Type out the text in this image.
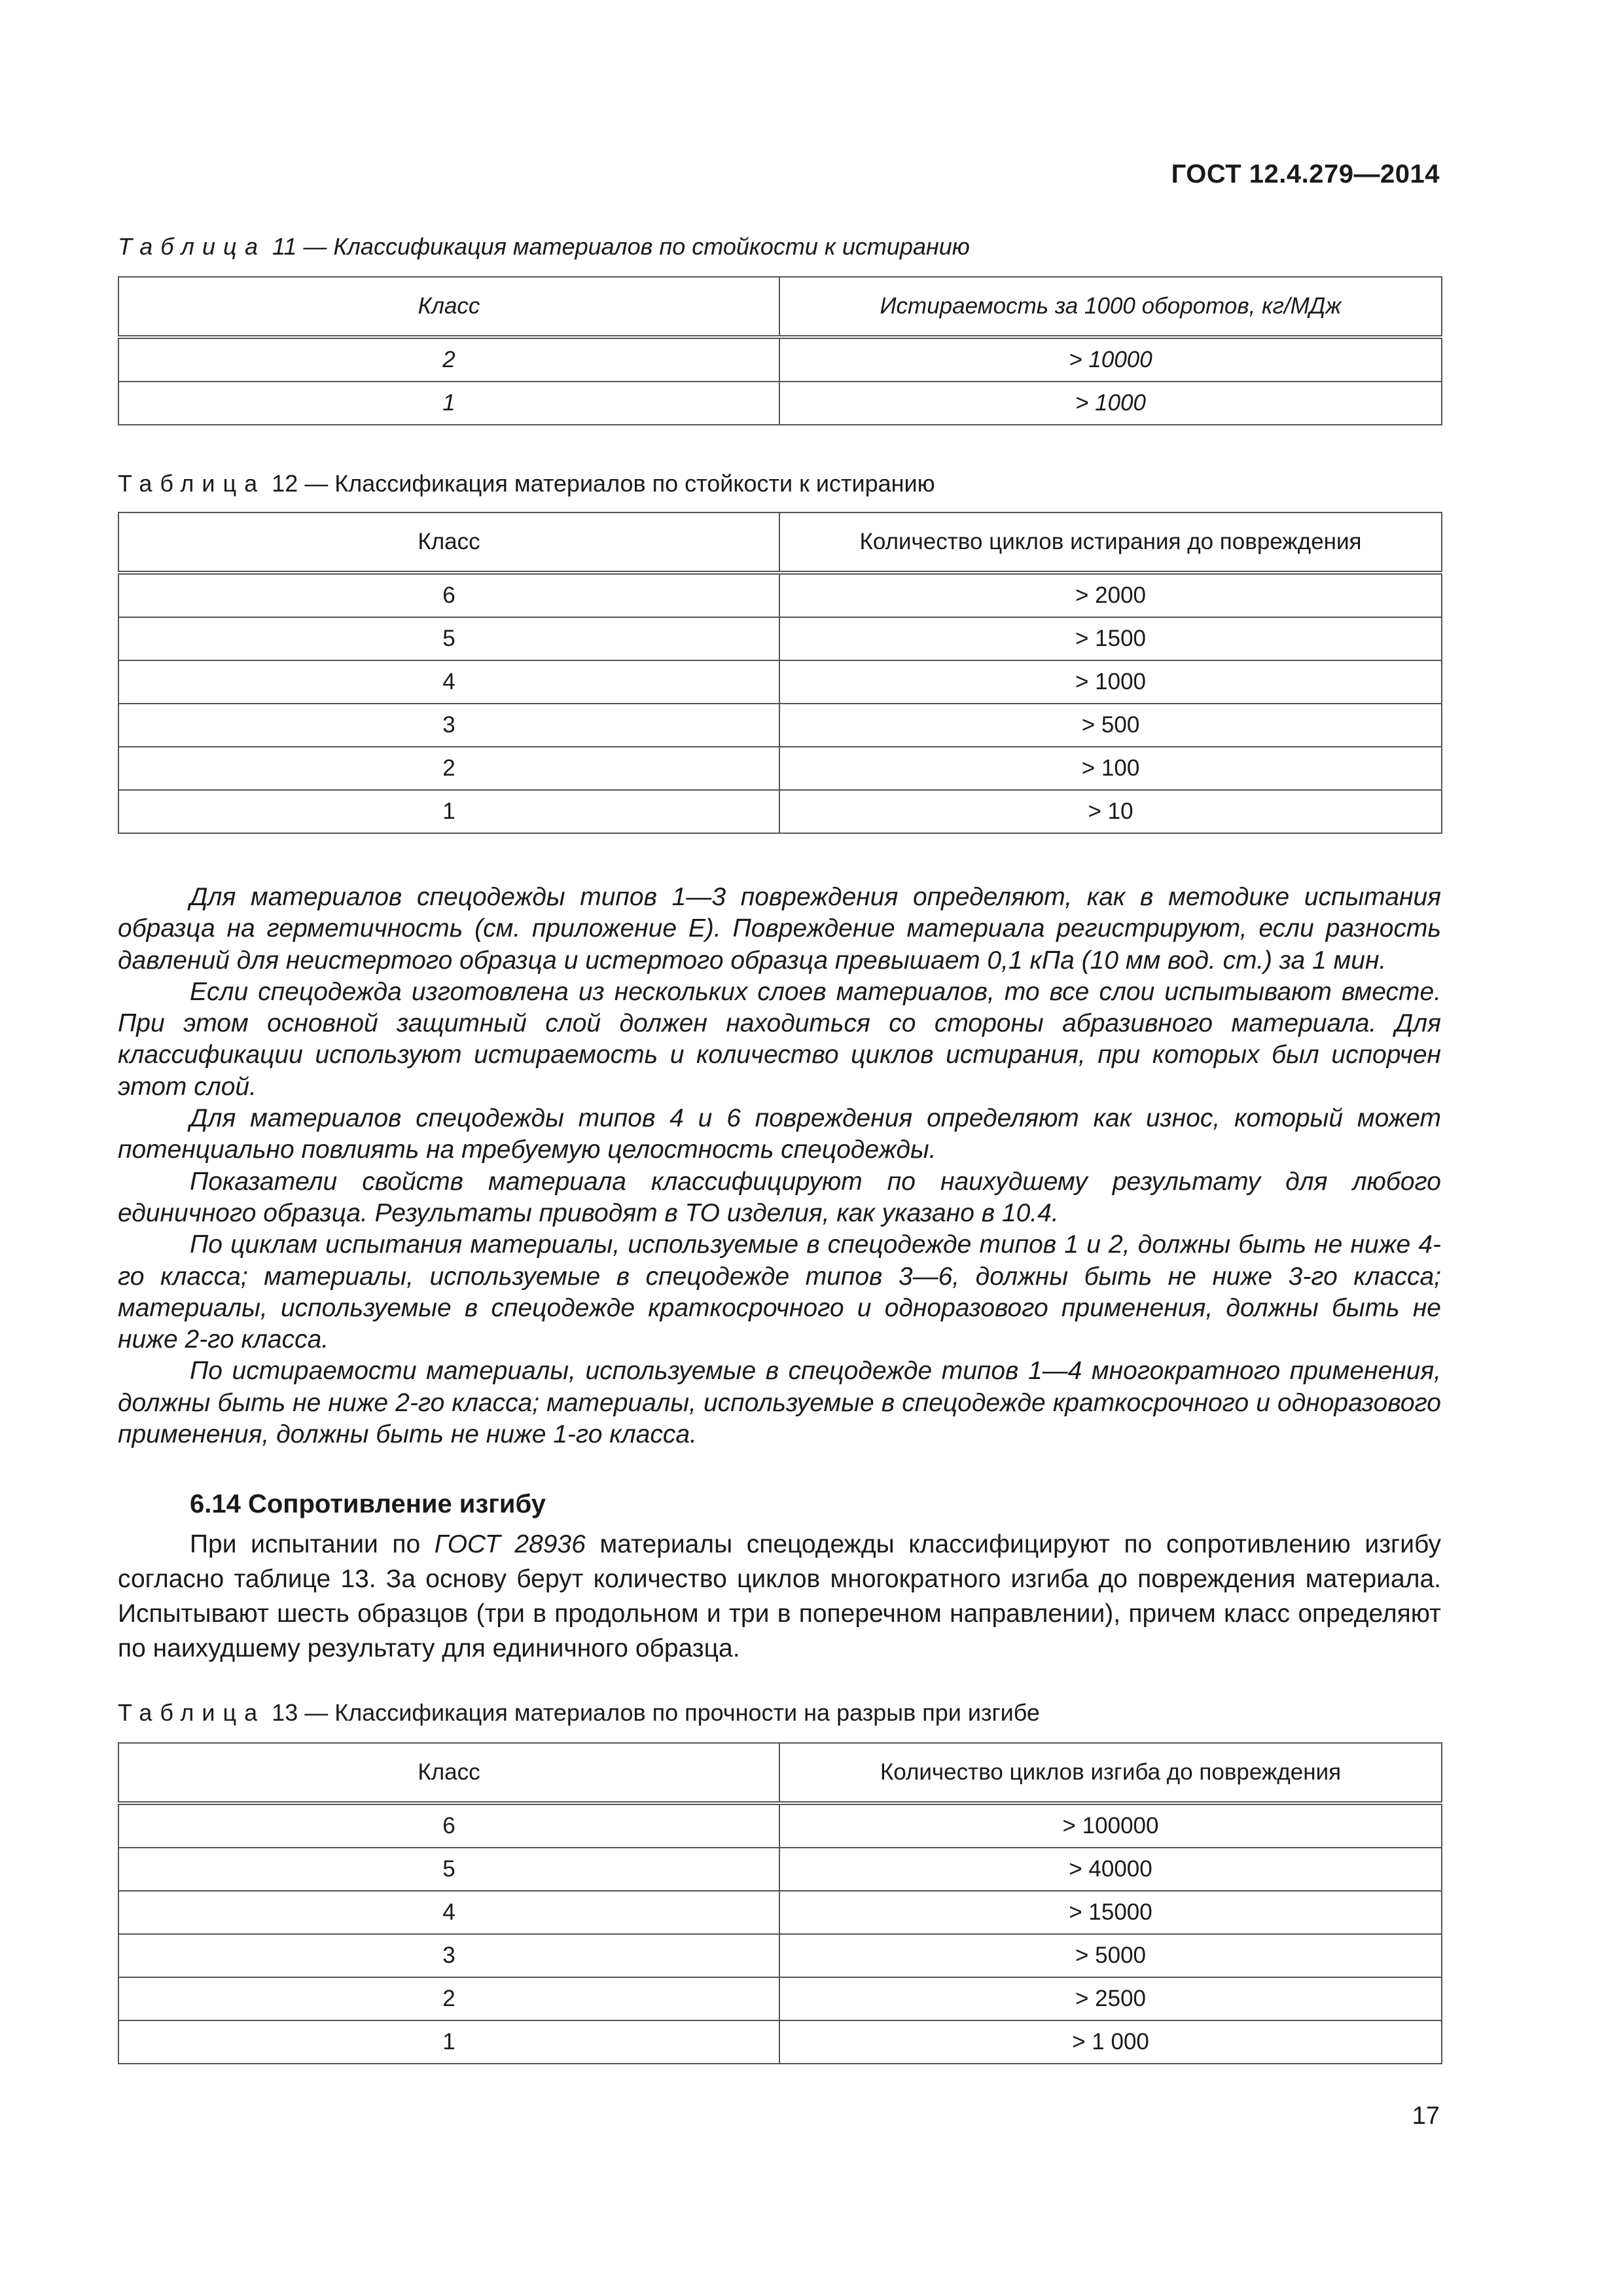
ГОСТ 12.4.279—2014
Таблица 11 — Классификация материалов по стойкости к истиранию
Класс	Истираемость за 1000 оборотов, кг/МДж
2	> 10000
1	> 1000
Таблица 12 — Классификация материалов по стойкости к истиранию
Класс	Количество циклов истирания до повреждения
6	> 2000
5	> 1500
4	> 1000
3	> 500
2	> 100
1	> 10

Для материалов спецодежды типов 1—3 повреждения определяют, как в методике испытания образца на герметичность (см. приложение Е). Повреждение материала регистрируют, если разность давлений для неистертого образца и истертого образца превышает 0,1 кПа (10 мм вод. ст.) за 1 мин.

Если спецодежда изготовлена из нескольких слоев материалов, то все слои испытывают вместе. При этом основной защитный слой должен находиться со стороны абразивного материала. Для классификации используют истираемость и количество циклов истирания, при которых был испорчен этот слой.

Для материалов спецодежды типов 4 и 6 повреждения определяют как износ, который может потенциально повлиять на требуемую целостность спецодежды.

Показатели свойств материала классифицируют по наихудшему результату для любого единичного образца. Результаты приводят в ТО изделия, как указано в 10.4.

По циклам испытания материалы, используемые в спецодежде типов 1 и 2, должны быть не ниже 4-го класса; материалы, используемые в спецодежде типов 3—6, должны быть не ниже 3-го класса; материалы, используемые в спецодежде краткосрочного и одноразового применения, должны быть не ниже 2-го класса.

По истираемости материалы, используемые в спецодежде типов 1—4 многократного применения, должны быть не ниже 2-го класса; материалы, используемые в спецодежде краткосрочного и одноразового применения, должны быть не ниже 1-го класса.

6.14 Сопротивление изгибу

При испытании по ГОСТ 28936 материалы спецодежды классифицируют по сопротивлению изгибу согласно таблице 13. За основу берут количество циклов многократного изгиба до повреждения материала. Испытывают шесть образцов (три в продольном и три в поперечном направлении), причем класс определяют по наихудшему результату для единичного образца.

Таблица 13 — Классификация материалов по прочности на разрыв при изгибе
Класс	Количество циклов изгиба до повреждения
6	> 100000
5	> 40000
4	> 15000
3	> 5000
2	> 2500
1	> 1 000
17
